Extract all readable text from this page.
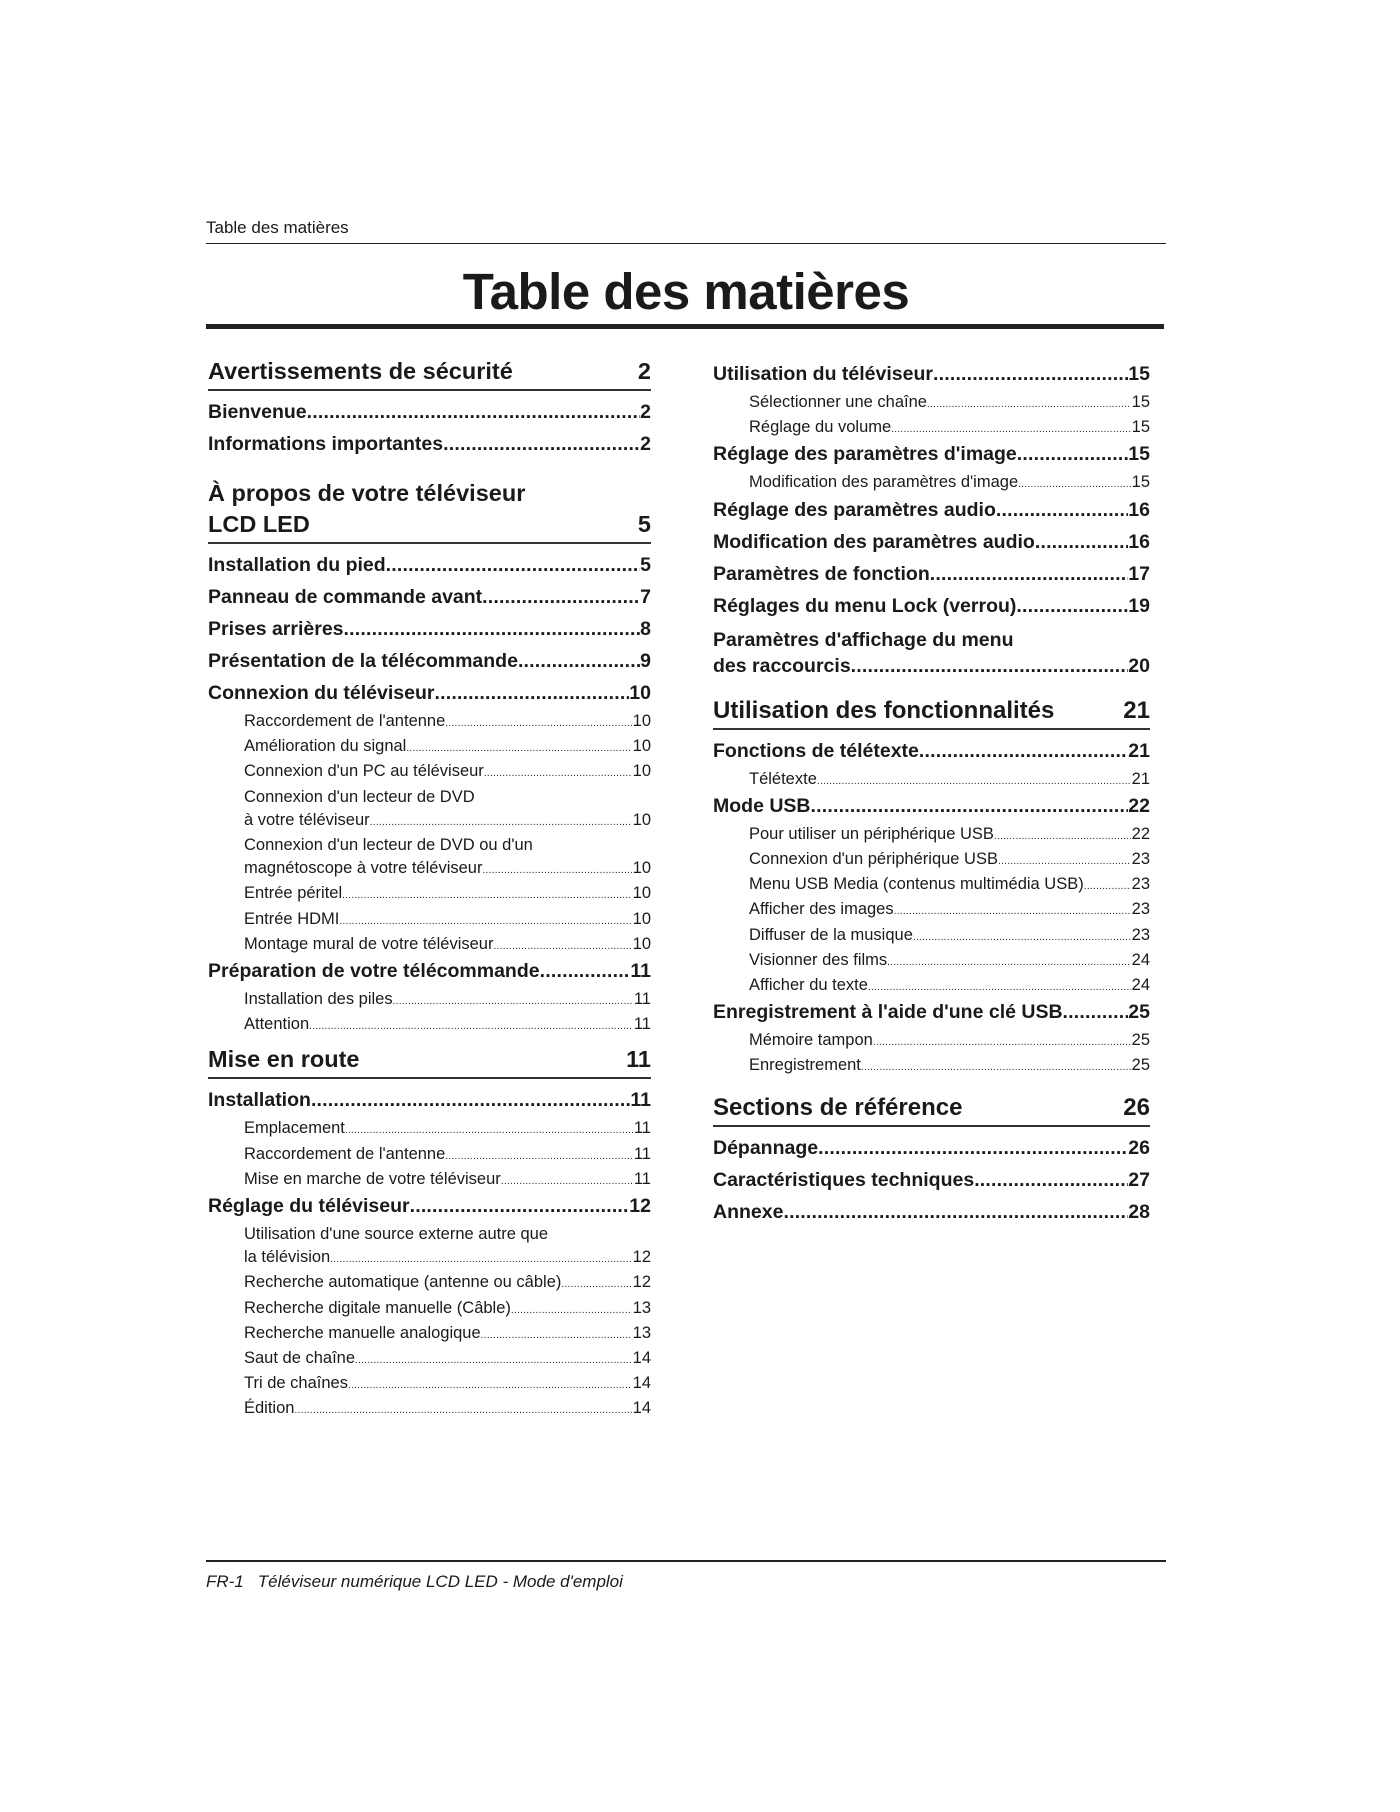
Table des matières
Table des matières
Avertissements de sécurité	2
Bienvenue .....	2
Informations importantes .....	2
À propos de votre téléviseur
LCD LED	5
Installation du pied .....	5
Panneau de commande avant .....	7
Prises arrières .....	8
Présentation de la télécommande .....	9
Connexion du téléviseur .....	10
Raccordement de l'antenne .....	10
Amélioration du signal .....	10
Connexion d'un PC au téléviseur .....	10
Connexion d'un lecteur de DVD
à votre téléviseur .....	10
Connexion d'un lecteur de DVD ou d'un
magnétoscope à votre téléviseur .....	10
Entrée péritel .....	10
Entrée HDMI .....	10
Montage mural de votre téléviseur .....	10
Préparation de votre télécommande .....	11
Installation des piles .....	11
Attention .....	11
Mise en route	11
Installation .....	11
Emplacement .....	11
Raccordement de l'antenne .....	11
Mise en marche de votre téléviseur .....	11
Réglage du téléviseur .....	12
Utilisation d'une source externe autre que
la télévision .....	12
Recherche automatique (antenne ou câble) .....	12
Recherche digitale manuelle (Câble) .....	13
Recherche manuelle analogique .....	13
Saut de chaîne .....	14
Tri de chaînes .....	14
Édition .....	14
Utilisation du téléviseur .....	15
Sélectionner une chaîne .....	15
Réglage du volume .....	15
Réglage des paramètres d'image .....	15
Modification des paramètres d'image .....	15
Réglage des paramètres audio .....	16
Modification des paramètres audio .....	16
Paramètres de fonction .....	17
Réglages du menu Lock (verrou) .....	19
Paramètres d'affichage du menu
des raccourcis .....	20
Utilisation des fonctionnalités	21
Fonctions de télétexte .....	21
Télétexte .....	21
Mode USB .....	22
Pour utiliser un périphérique USB .....	22
Connexion d'un périphérique USB .....	23
Menu USB Media (contenus multimédia USB) .....	23
Afficher des images .....	23
Diffuser de la musique .....	23
Visionner des films .....	24
Afficher du texte .....	24
Enregistrement à l'aide d'une clé USB .....	25
Mémoire tampon .....	25
Enregistrement .....	25
Sections de référence	26
Dépannage .....	26
Caractéristiques techniques .....	27
Annexe .....	28
FR-1 Téléviseur numérique LCD LED - Mode d'emploi
